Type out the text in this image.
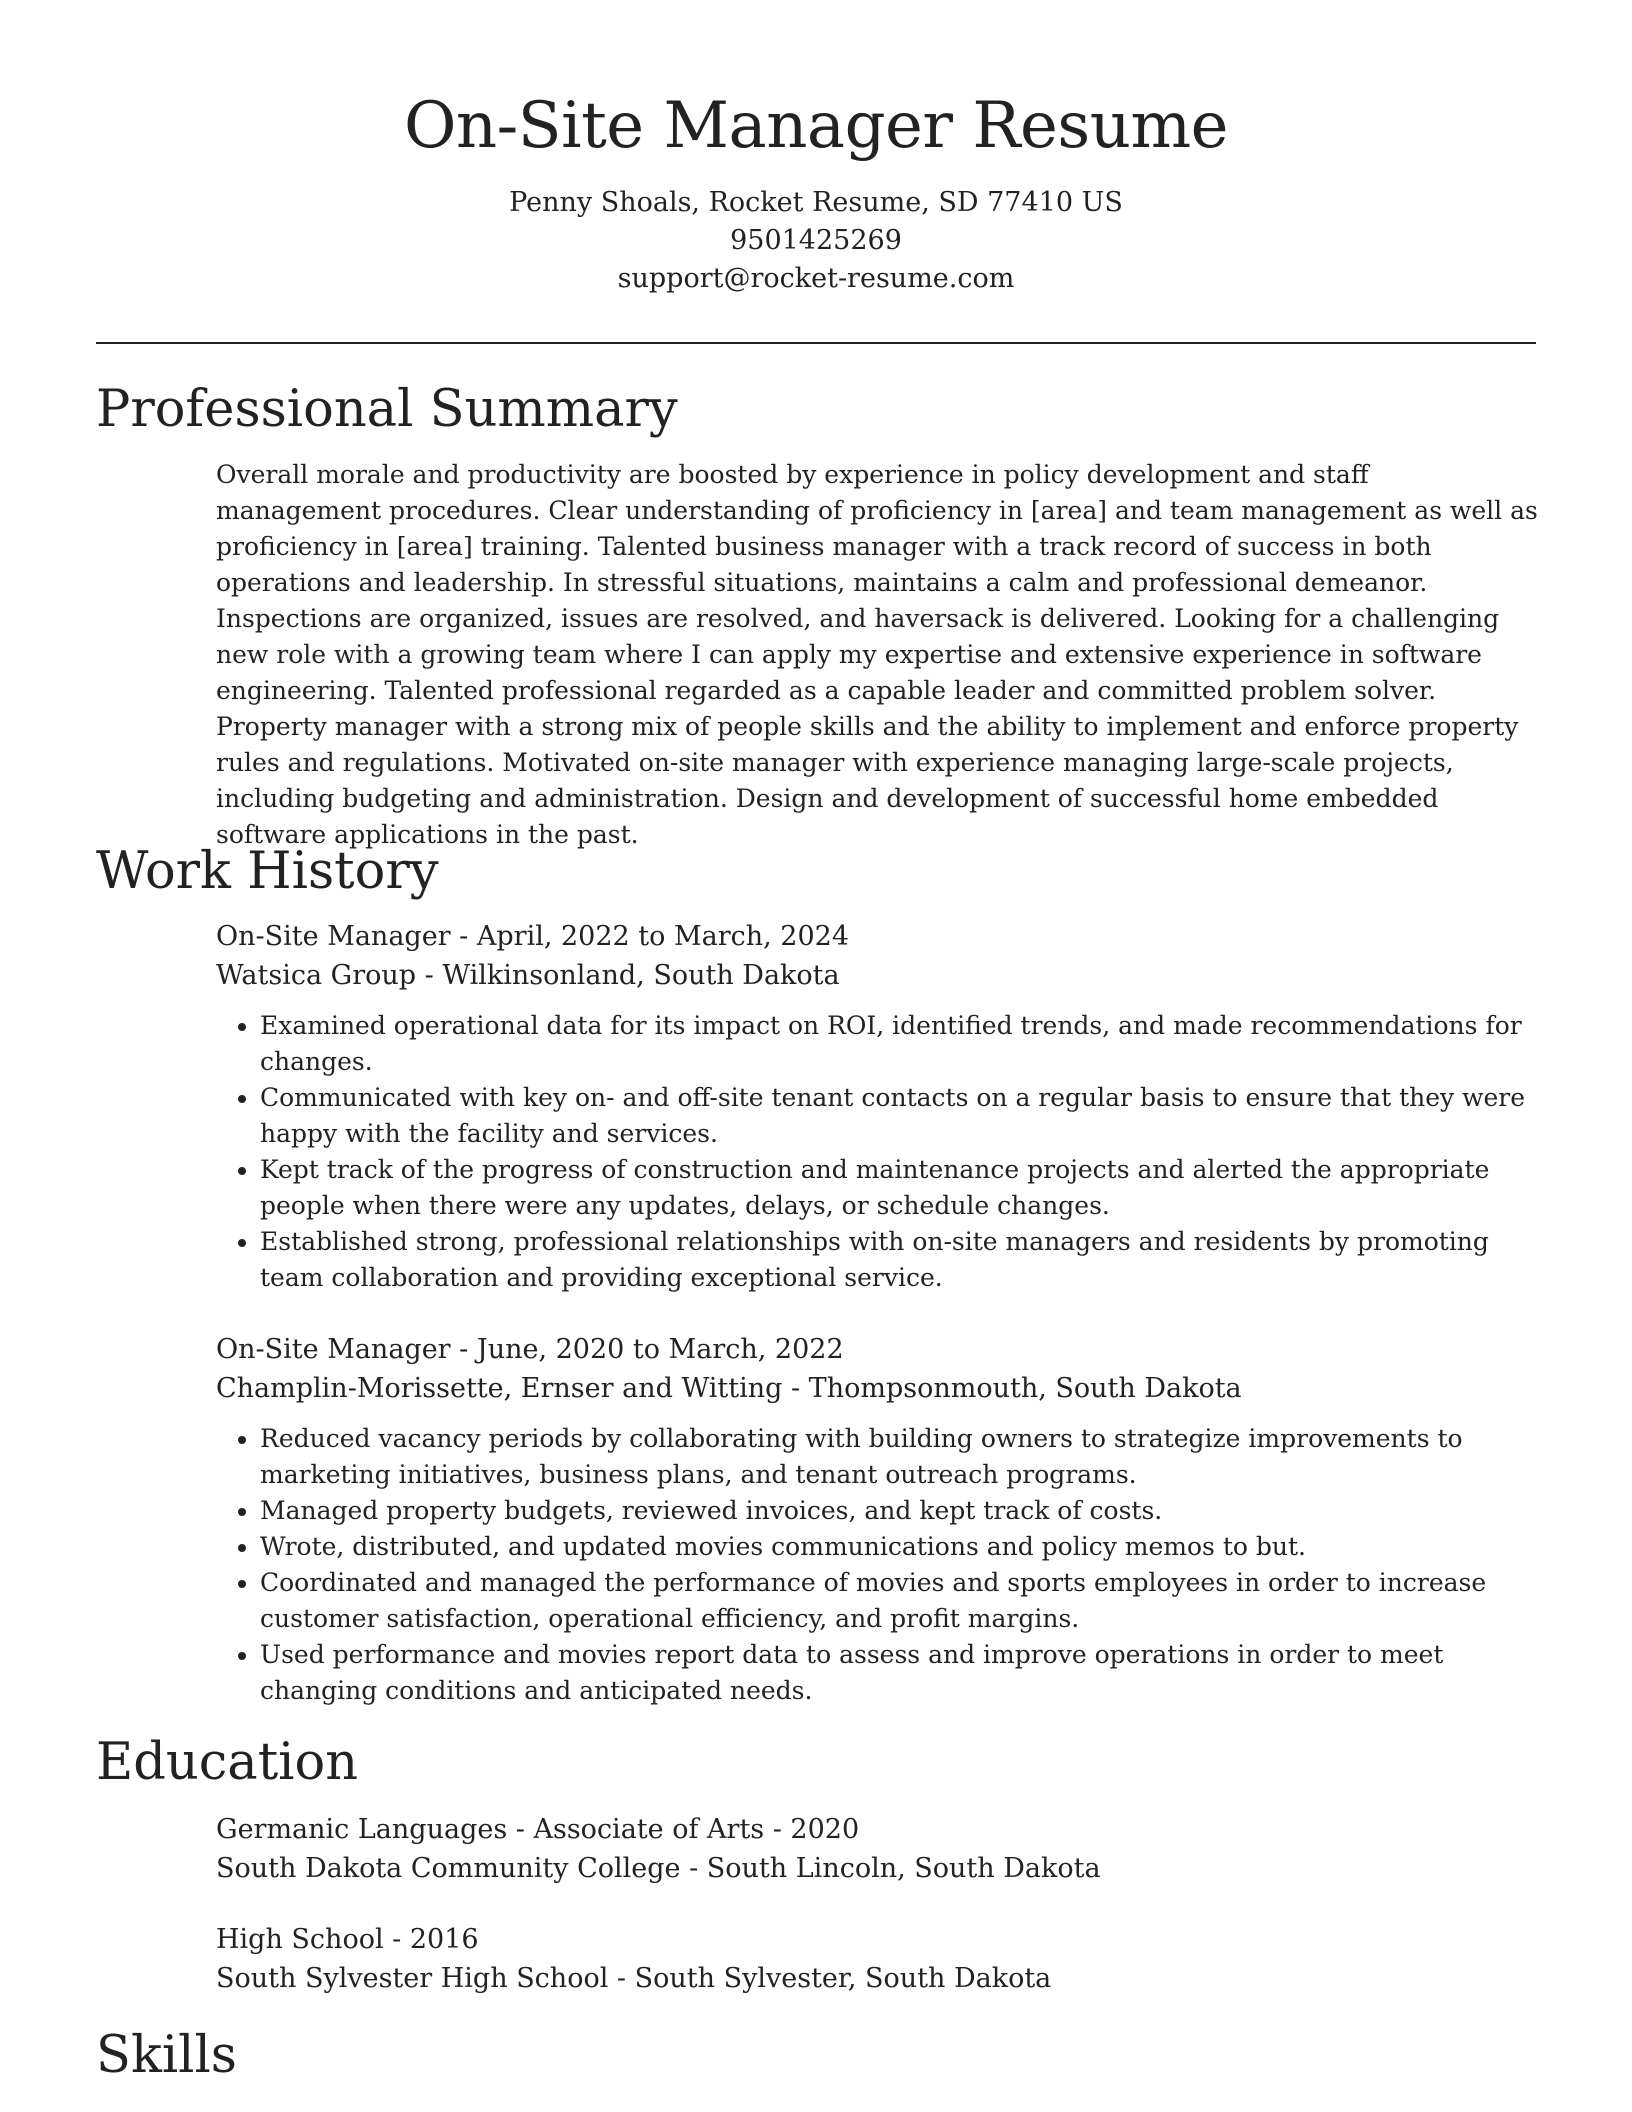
On-Site Manager Resume
Penny Shoals, Rocket Resume, SD 77410 US
9501425269
support@rocket-resume.com
Professional Summary

Overall morale and productivity are boosted by experience in policy development and staff management procedures. Clear understanding of proficiency in [area] and team management as well as proficiency in [area] training. Talented business manager with a track record of success in both operations and leadership. In stressful situations, maintains a calm and professional demeanor. Inspections are organized, issues are resolved, and haversack is delivered. Looking for a challenging new role with a growing team where I can apply my expertise and extensive experience in software engineering. Talented professional regarded as a capable leader and committed problem solver. Property manager with a strong mix of people skills and the ability to implement and enforce property rules and regulations. Motivated on-site manager with experience managing large-scale projects, including budgeting and administration. Design and development of successful home embedded software applications in the past.

Work History
On-Site Manager - April, 2022 to March, 2024
Watsica Group - Wilkinsonland, South Dakota
• Examined operational data for its impact on ROI, identified trends, and made recommendations for changes.
• Communicated with key on- and off-site tenant contacts on a regular basis to ensure that they were happy with the facility and services.
• Kept track of the progress of construction and maintenance projects and alerted the appropriate people when there were any updates, delays, or schedule changes.
• Established strong, professional relationships with on-site managers and residents by promoting team collaboration and providing exceptional service.
On-Site Manager - June, 2020 to March, 2022
Champlin-Morissette, Ernser and Witting - Thompsonmouth, South Dakota
• Reduced vacancy periods by collaborating with building owners to strategize improvements to marketing initiatives, business plans, and tenant outreach programs.
• Managed property budgets, reviewed invoices, and kept track of costs.
• Wrote, distributed, and updated movies communications and policy memos to but.
• Coordinated and managed the performance of movies and sports employees in order to increase customer satisfaction, operational efficiency, and profit margins.
• Used performance and movies report data to assess and improve operations in order to meet changing conditions and anticipated needs.
Education
Germanic Languages - Associate of Arts - 2020
South Dakota Community College - South Lincoln, South Dakota
High School - 2016
South Sylvester High School - South Sylvester, South Dakota
Skills
